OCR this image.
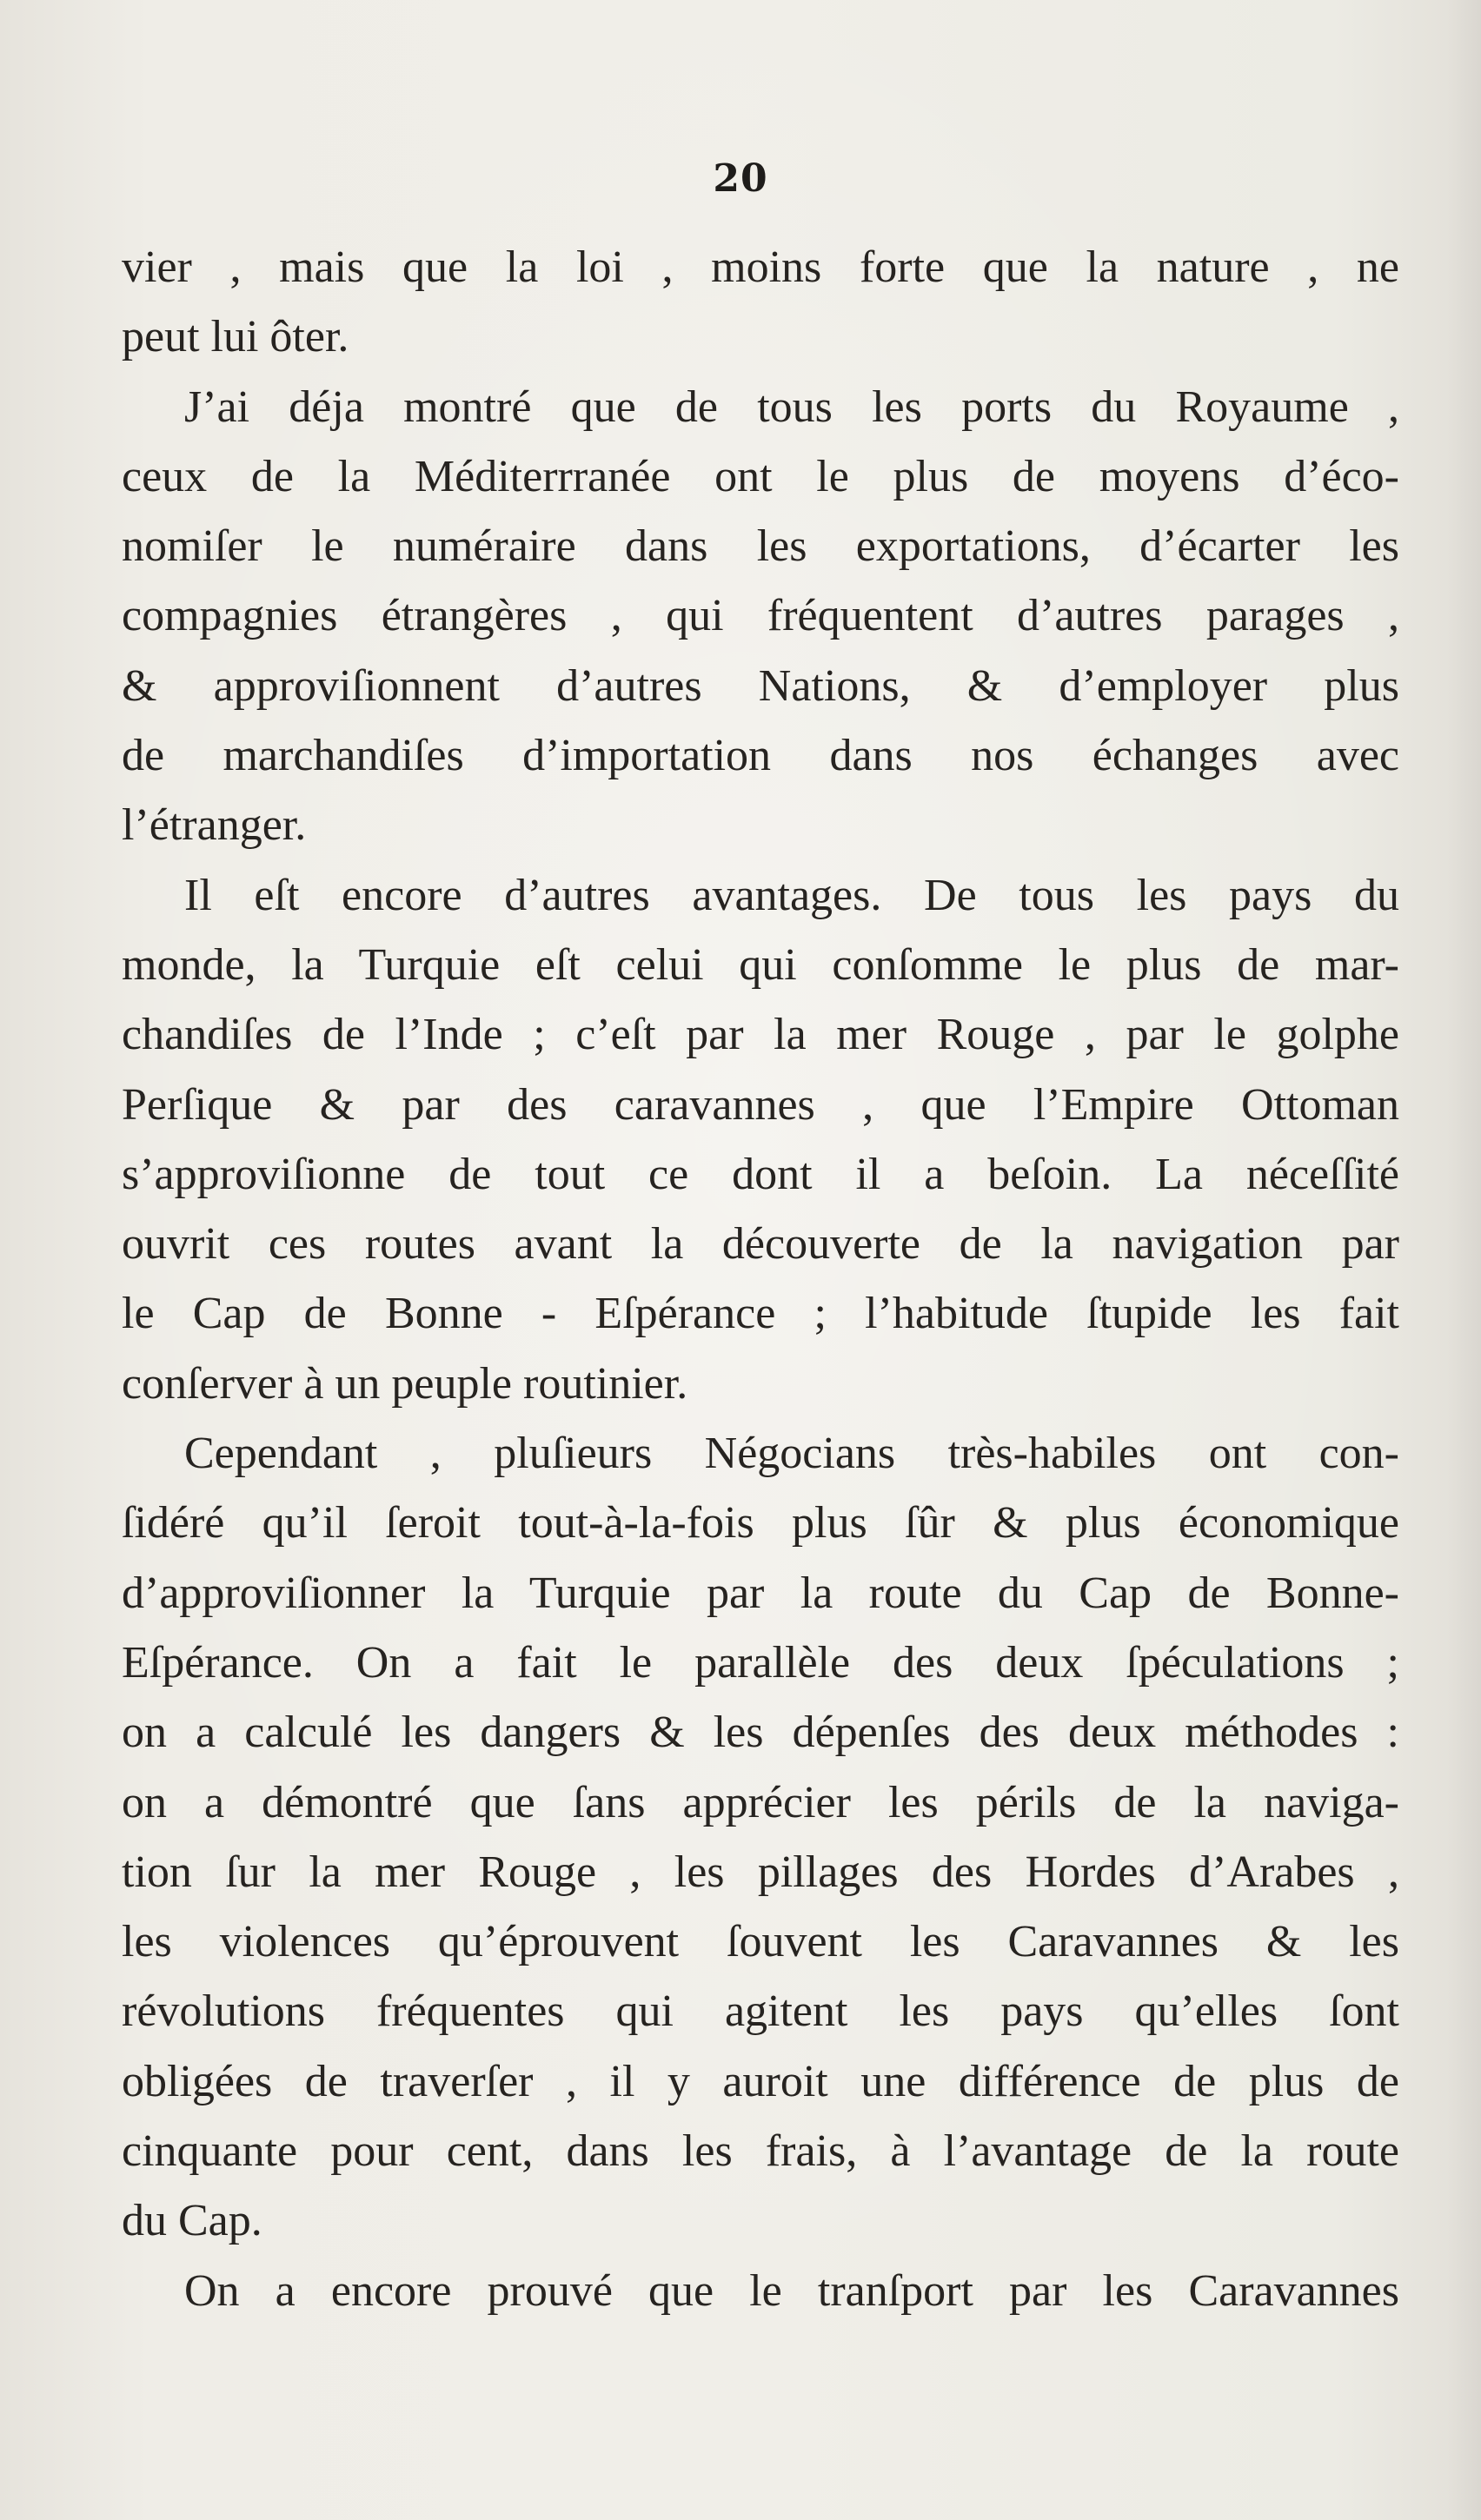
20
vier , mais que la loi , moins forte que la nature , ne
peut lui ôter.
J’ai déja montré que de tous les ports du Royaume ,
ceux de la Méditerrranée ont le plus de moyens d’éco-
nomiſer le numéraire dans les exportations, d’écarter les
compagnies étrangères , qui fréquentent d’autres parages ,
& approviſionnent d’autres Nations, & d’employer plus
de marchandiſes d’importation dans nos échanges avec
l’étranger.
Il eſt encore d’autres avantages. De tous les pays du
monde, la Turquie eſt celui qui conſomme le plus de mar-
chandiſes de l’Inde ; c’eſt par la mer Rouge , par le golphe
Perſique & par des caravannes , que l’Empire Ottoman
s’approviſionne de tout ce dont il a beſoin. La néceſſité
ouvrit ces routes avant la découverte de la navigation par
le Cap de Bonne - Eſpérance ; l’habitude ſtupide les fait
conſerver à un peuple routinier.
Cependant , pluſieurs Négocians très-habiles ont con-
ſidéré qu’il ſeroit tout-à-la-fois plus ſûr & plus économique
d’approviſionner la Turquie par la route du Cap de Bonne-
Eſpérance. On a fait le parallèle des deux ſpéculations ;
on a calculé les dangers & les dépenſes des deux méthodes :
on a démontré que ſans apprécier les périls de la naviga-
tion ſur la mer Rouge , les pillages des Hordes d’Arabes ,
les violences qu’éprouvent ſouvent les Caravannes & les
révolutions fréquentes qui agitent les pays qu’elles ſont
obligées de traverſer , il y auroit une différence de plus de
cinquante pour cent, dans les frais, à l’avantage de la route
du Cap.
On a encore prouvé que le tranſport par les Caravannes
